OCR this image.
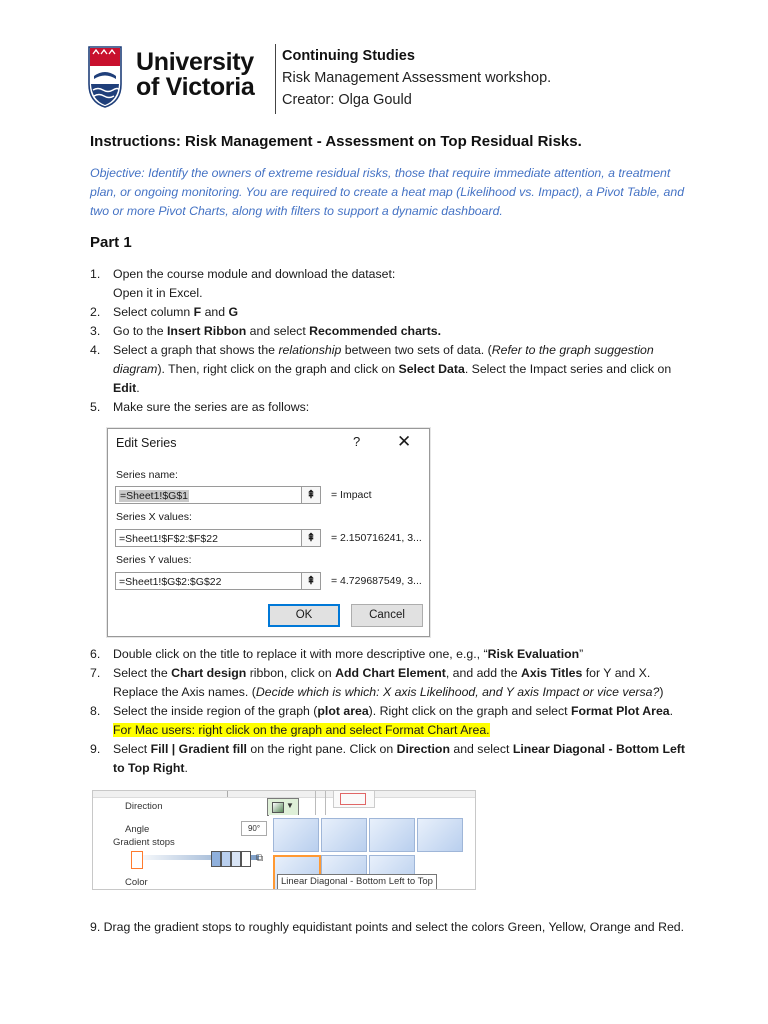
University
of Victoria
Continuing Studies
Risk Management Assessment workshop.
Creator: Olga Gould
Instructions: Risk Management - Assessment on Top Residual Risks.
Objective: Identify the owners of extreme residual risks, those that require immediate attention, a treatment plan, or ongoing monitoring. You are required to create a heat map (Likelihood vs. Impact), a Pivot Table, and two or more Pivot Charts, along with filters to support a dynamic dashboard.
Part 1
1. Open the course module and download the dataset:
Open it in Excel.
2. Select column F and G
3. Go to the Insert Ribbon and select Recommended charts.
4. Select a graph that shows the relationship between two sets of data. (Refer to the graph suggestion diagram). Then, right click on the graph and click on Select Data. Select the Impact series and click on Edit.
5. Make sure the series are as follows:
Edit Series	? ✕
Series name:
=Sheet1!$G$1	⇞	= Impact
Series X values:
=Sheet1!$F$2:$F$22	⇞	= 2.150716241, 3...
Series Y values:
=Sheet1!$G$2:$G$22	⇞	= 4.729687549, 3...
OK	Cancel
6. Double click on the title to replace it with more descriptive one, e.g., “Risk Evaluation”
7. Select the Chart design ribbon, click on Add Chart Element, and add the Axis Titles for Y and X. Replace the Axis names. (Decide which is which: X axis Likelihood, and Y axis Impact or vice versa?)
8. Select the inside region of the graph (plot area). Right click on the graph and select Format Plot Area. For Mac users: right click on the graph and select Format Chart Area.
9. Select Fill | Gradient fill on the right pane. Click on Direction and select Linear Diagonal - Bottom Left to Top Right.
Direction	▼
Angle	90°
Gradient stops
⧉
Color	Linear Diagonal - Bottom Left to Top
9. Drag the gradient stops to roughly equidistant points and select the colors Green, Yellow, Orange and Red.
